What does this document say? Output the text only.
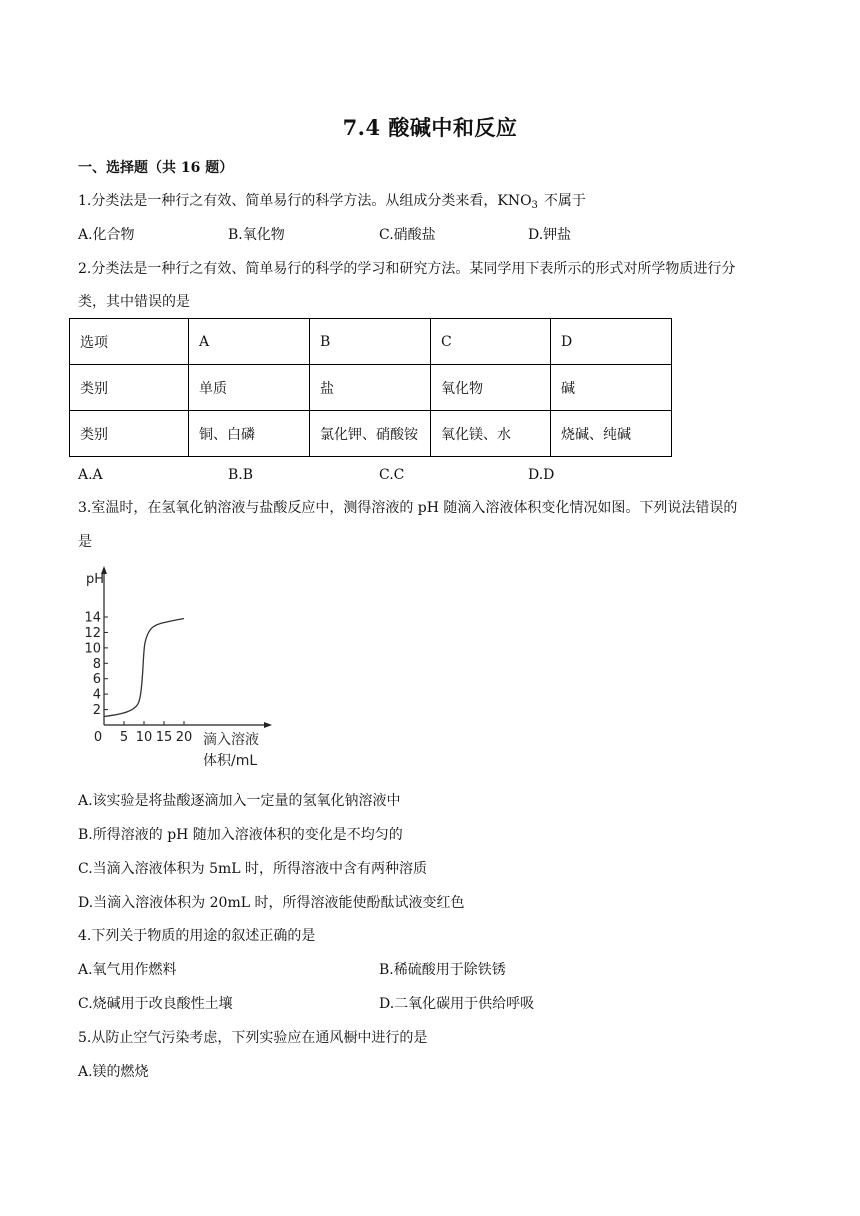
7.4 酸碱中和反应
一、选择题（共 16 题）
1.分类法是一种行之有效、简单易行的科学方法。从组成分类来看，$KNO_3$ 不属于
A.化合物	B.氧化物	C.硝酸盐	D.钾盐
2.分类法是一种行之有效、简单易行的科学的学习和研究方法。某同学用下表所示的形式对所学物质进行分
类，其中错误的是
选项	A	B	C	D
类别	单质	盐	氧化物	碱
类别	铜、白磷	氯化钾、硝酸铵	氧化镁、水	烧碱、纯碱
A.A	B.B	C.C	D.D
3.室温时，在氢氧化钠溶液与盐酸反应中，测得溶液的 pH 随滴入溶液体积变化情况如图。下列说法错误的
是
pH
2
4
6
8
10
12
14
0 5 10 15 20 滴入溶液
体积/mL
A.该实验是将盐酸逐滴加入一定量的氢氧化钠溶液中
B.所得溶液的 pH 随加入溶液体积的变化是不均匀的
C.当滴入溶液体积为 5mL 时，所得溶液中含有两种溶质
D.当滴入溶液体积为 20mL 时，所得溶液能使酚酞试液变红色
4.下列关于物质的用途的叙述正确的是
A.氧气用作燃料	B.稀硫酸用于除铁锈
C.烧碱用于改良酸性土壤	D.二氧化碳用于供给呼吸
5.从防止空气污染考虑，下列实验应在通风橱中进行的是
A.镁的燃烧
